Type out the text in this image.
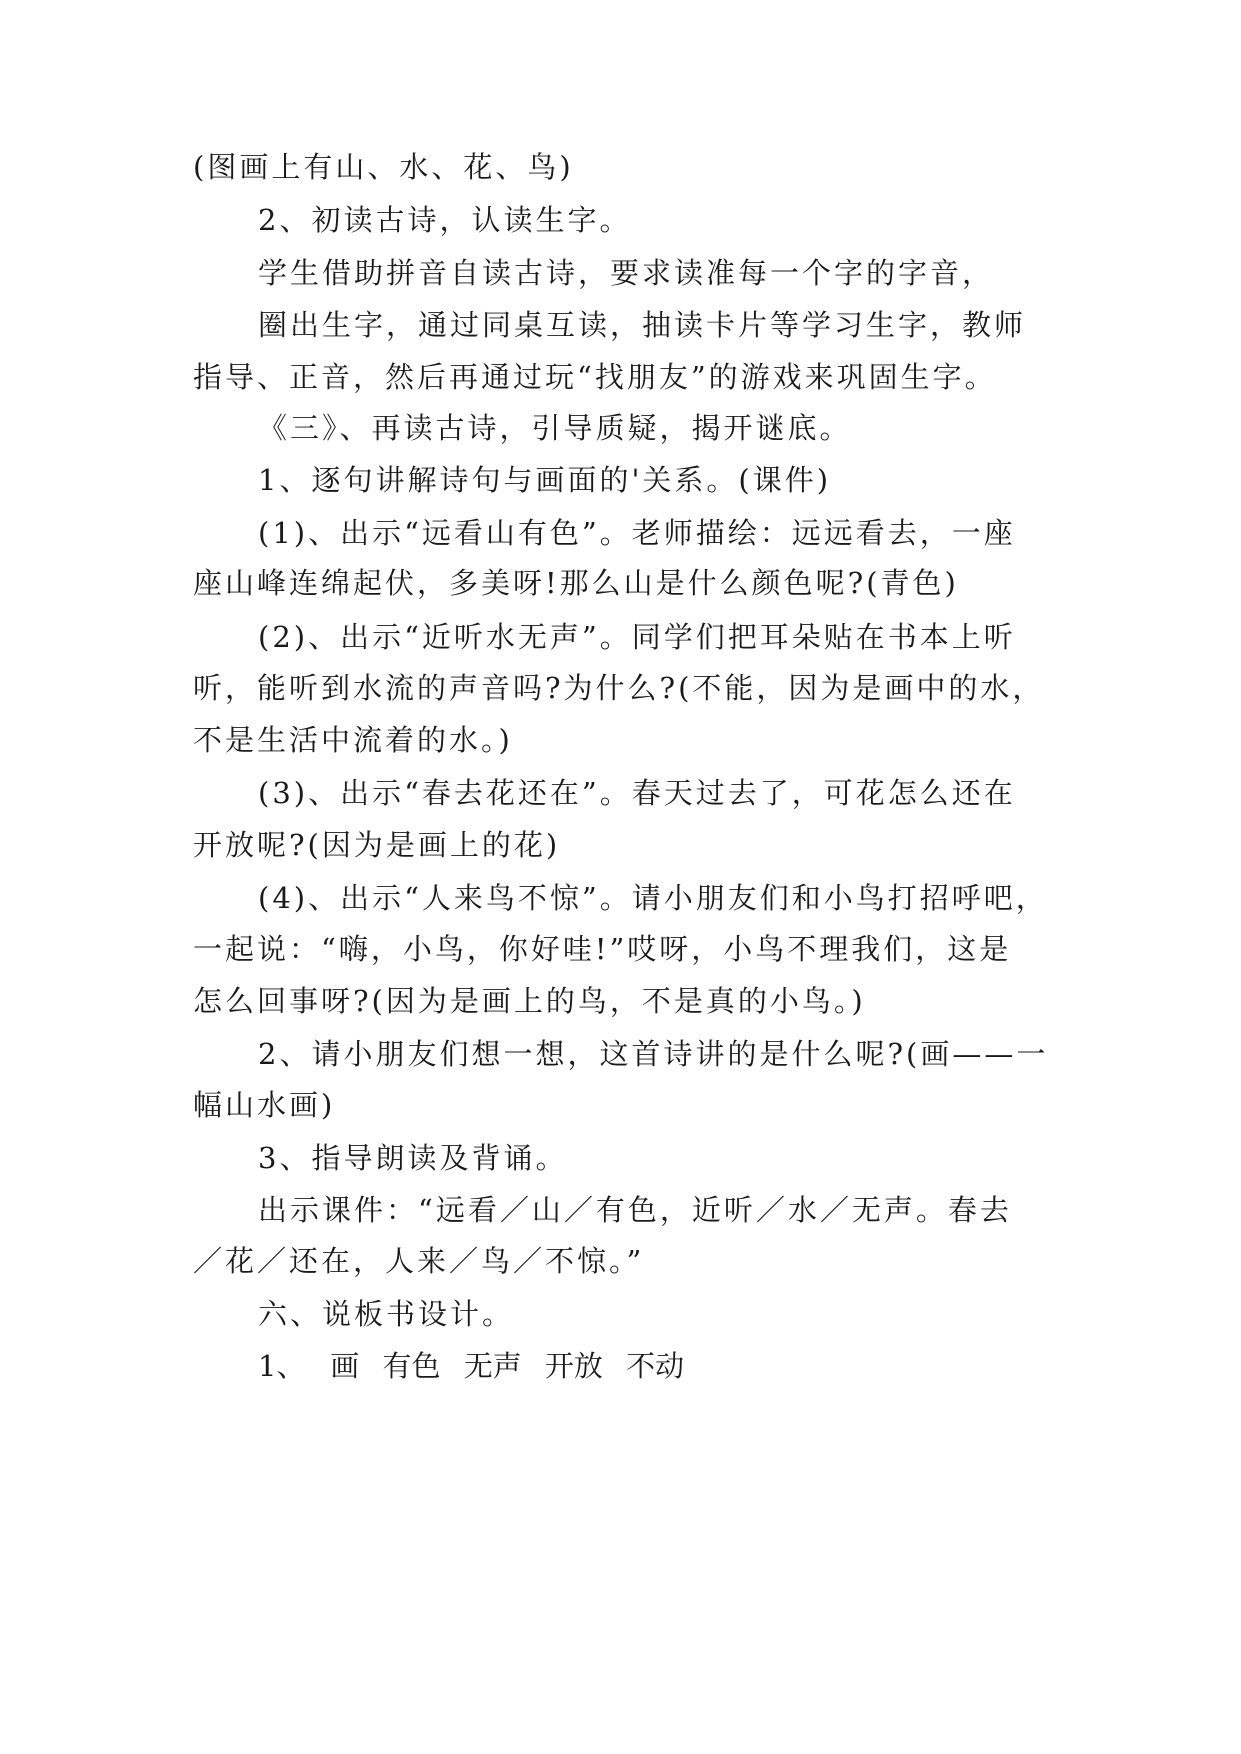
(图画上有山、水、花、鸟)
2、初读古诗，认读生字。
学生借助拼音自读古诗，要求读准每一个字的字音，
圈出生字，通过同桌互读，抽读卡片等学习生字，教师
指导、正音，然后再通过玩“找朋友”的游戏来巩固生字。
《三》、再读古诗，引导质疑，揭开谜底。
1、逐句讲解诗句与画面的'关系。(课件)
(1)、出示“远看山有色”。老师描绘：远远看去，一座
座山峰连绵起伏，多美呀!那么山是什么颜色呢?(青色)
(2)、出示“近听水无声”。同学们把耳朵贴在书本上听
听，能听到水流的声音吗?为什么?(不能，因为是画中的水，
不是生活中流着的水。)
(3)、出示“春去花还在”。春天过去了，可花怎么还在
开放呢?(因为是画上的花)
(4)、出示“人来鸟不惊”。请小朋友们和小鸟打招呼吧，
一起说：“嗨，小鸟，你好哇!”哎呀，小鸟不理我们，这是
怎么回事呀?(因为是画上的鸟，不是真的小鸟。)
2、请小朋友们想一想，这首诗讲的是什么呢?(画——一
幅山水画)
3、指导朗读及背诵。
出示课件：“远看／山／有色，近听／水／无声。春去
／花／还在，人来／鸟／不惊。”
六、说板书设计。
1、 画 有色 无声 开放 不动
